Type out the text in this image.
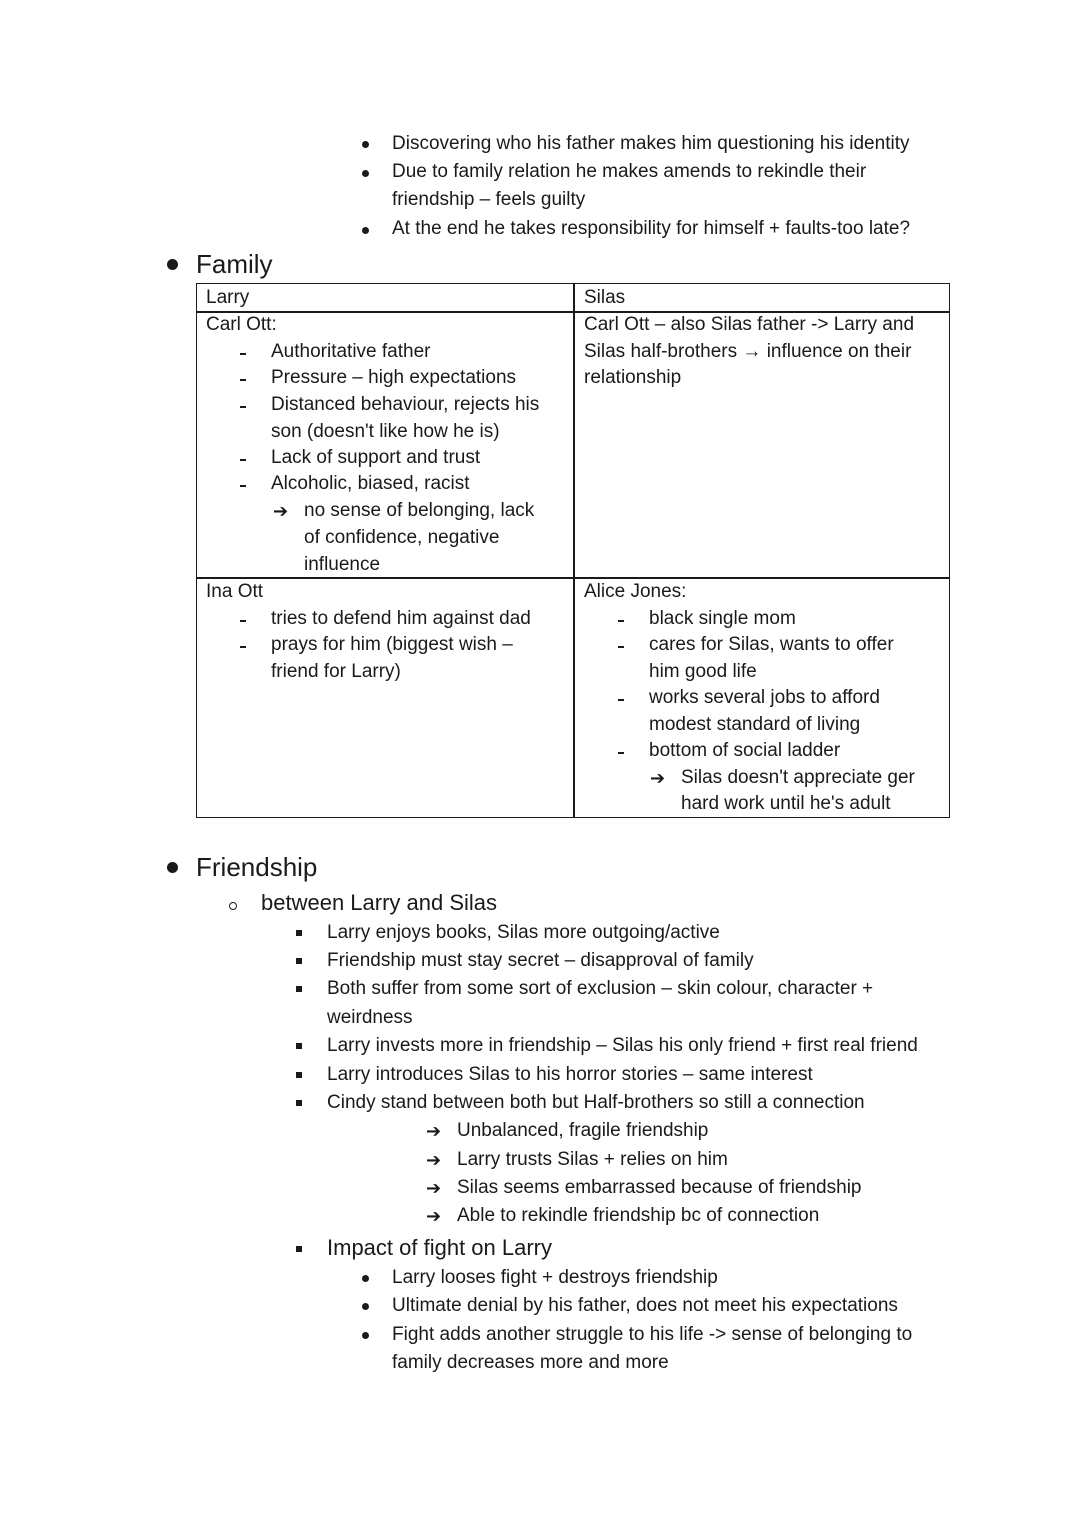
Discovering who his father makes him questioning his identity
Due to family relation he makes amends to rekindle their
friendship – feels guilty
At the end he takes responsibility for himself + faults-too late?
Family
Larry	Silas
Carl Ott:
Authoritative father
Pressure – high expectations
Distanced behaviour, rejects his
son (doesn't like how he is)
Lack of support and trust
Alcoholic, biased, racist
➔ no sense of belonging, lack
of confidence, negative
influence
Carl Ott – also Silas father -> Larry and
Silas half-brothers → influence on their
relationship
Ina Ott
tries to defend him against dad
prays for him (biggest wish –
friend for Larry)
Alice Jones:
black single mom
cares for Silas, wants to offer
him good life
works several jobs to afford
modest standard of living
bottom of social ladder
➔ Silas doesn't appreciate ger
hard work until he's adult
Friendship
between Larry and Silas
Larry enjoys books, Silas more outgoing/active
Friendship must stay secret – disapproval of family
Both suffer from some sort of exclusion – skin colour, character +
weirdness
Larry invests more in friendship – Silas his only friend + first real friend
Larry introduces Silas to his horror stories – same interest
Cindy stand between both but Half-brothers so still a connection
➔ Unbalanced, fragile friendship
➔ Larry trusts Silas + relies on him
➔ Silas seems embarrassed because of friendship
➔ Able to rekindle friendship bc of connection
Impact of fight on Larry
Larry looses fight + destroys friendship
Ultimate denial by his father, does not meet his expectations
Fight adds another struggle to his life -> sense of belonging to
family decreases more and more
